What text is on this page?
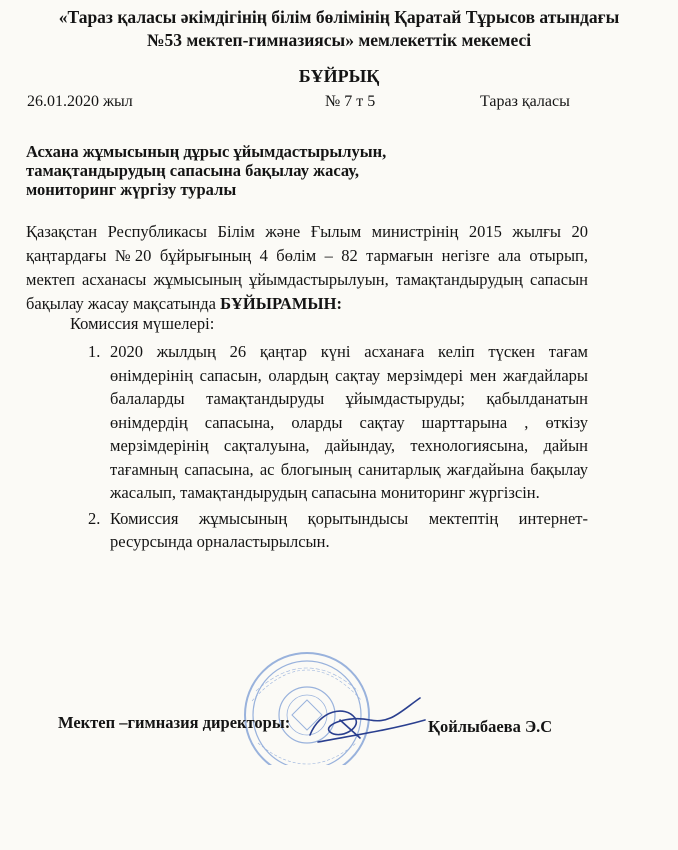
«Тараз қаласы әкімдігінің білім бөлімінің Қаратай Тұрысов атындағы
№53 мектеп-гимназиясы» мемлекеттік мекемесі
БҰЙРЫҚ
26.01.2020 жыл	№ 7 т 5	Тараз қаласы
Асхана жұмысының дұрыс ұйымдастырылуын,
тамақтандырудың сапасына бақылау жасау,
мониторинг жүргізу туралы
Қазақстан Республикасы Білім және Ғылым министрінің 2015 жылғы 20
қаңтардағы №20 бұйрығының 4 бөлім – 82 тармағын негізге ала отырып,
мектеп асханасы жұмысының ұйымдастырылуын, тамақтандырудың сапасын
бақылау жасау мақсатында БҰЙЫРАМЫН:
Комиссия мүшелері:
1. 2020 жылдың 26 қаңтар күні асханаға келіп түскен тағам өнімдерінің сапасын, олардың сақтау мерзімдері мен жағдайлары балаларды тамақтандыруды ұйымдастыруды; қабылданатын өнімдердің сапасына, оларды сақтау шарттарына , өткізу мерзімдерінің сақталуына, дайындау, технологиясына, дайын тағамның сапасына, ас блогының санитарлық жағдайына бақылау жасалып, тамақтандырудың сапасына мониторинг жүргізсін.
2. Комиссия жұмысының қорытындысы мектептің интернет-ресурсында орналастырылсын.
Мектеп –гимназия директоры:	Қойлыбаева Э.С
